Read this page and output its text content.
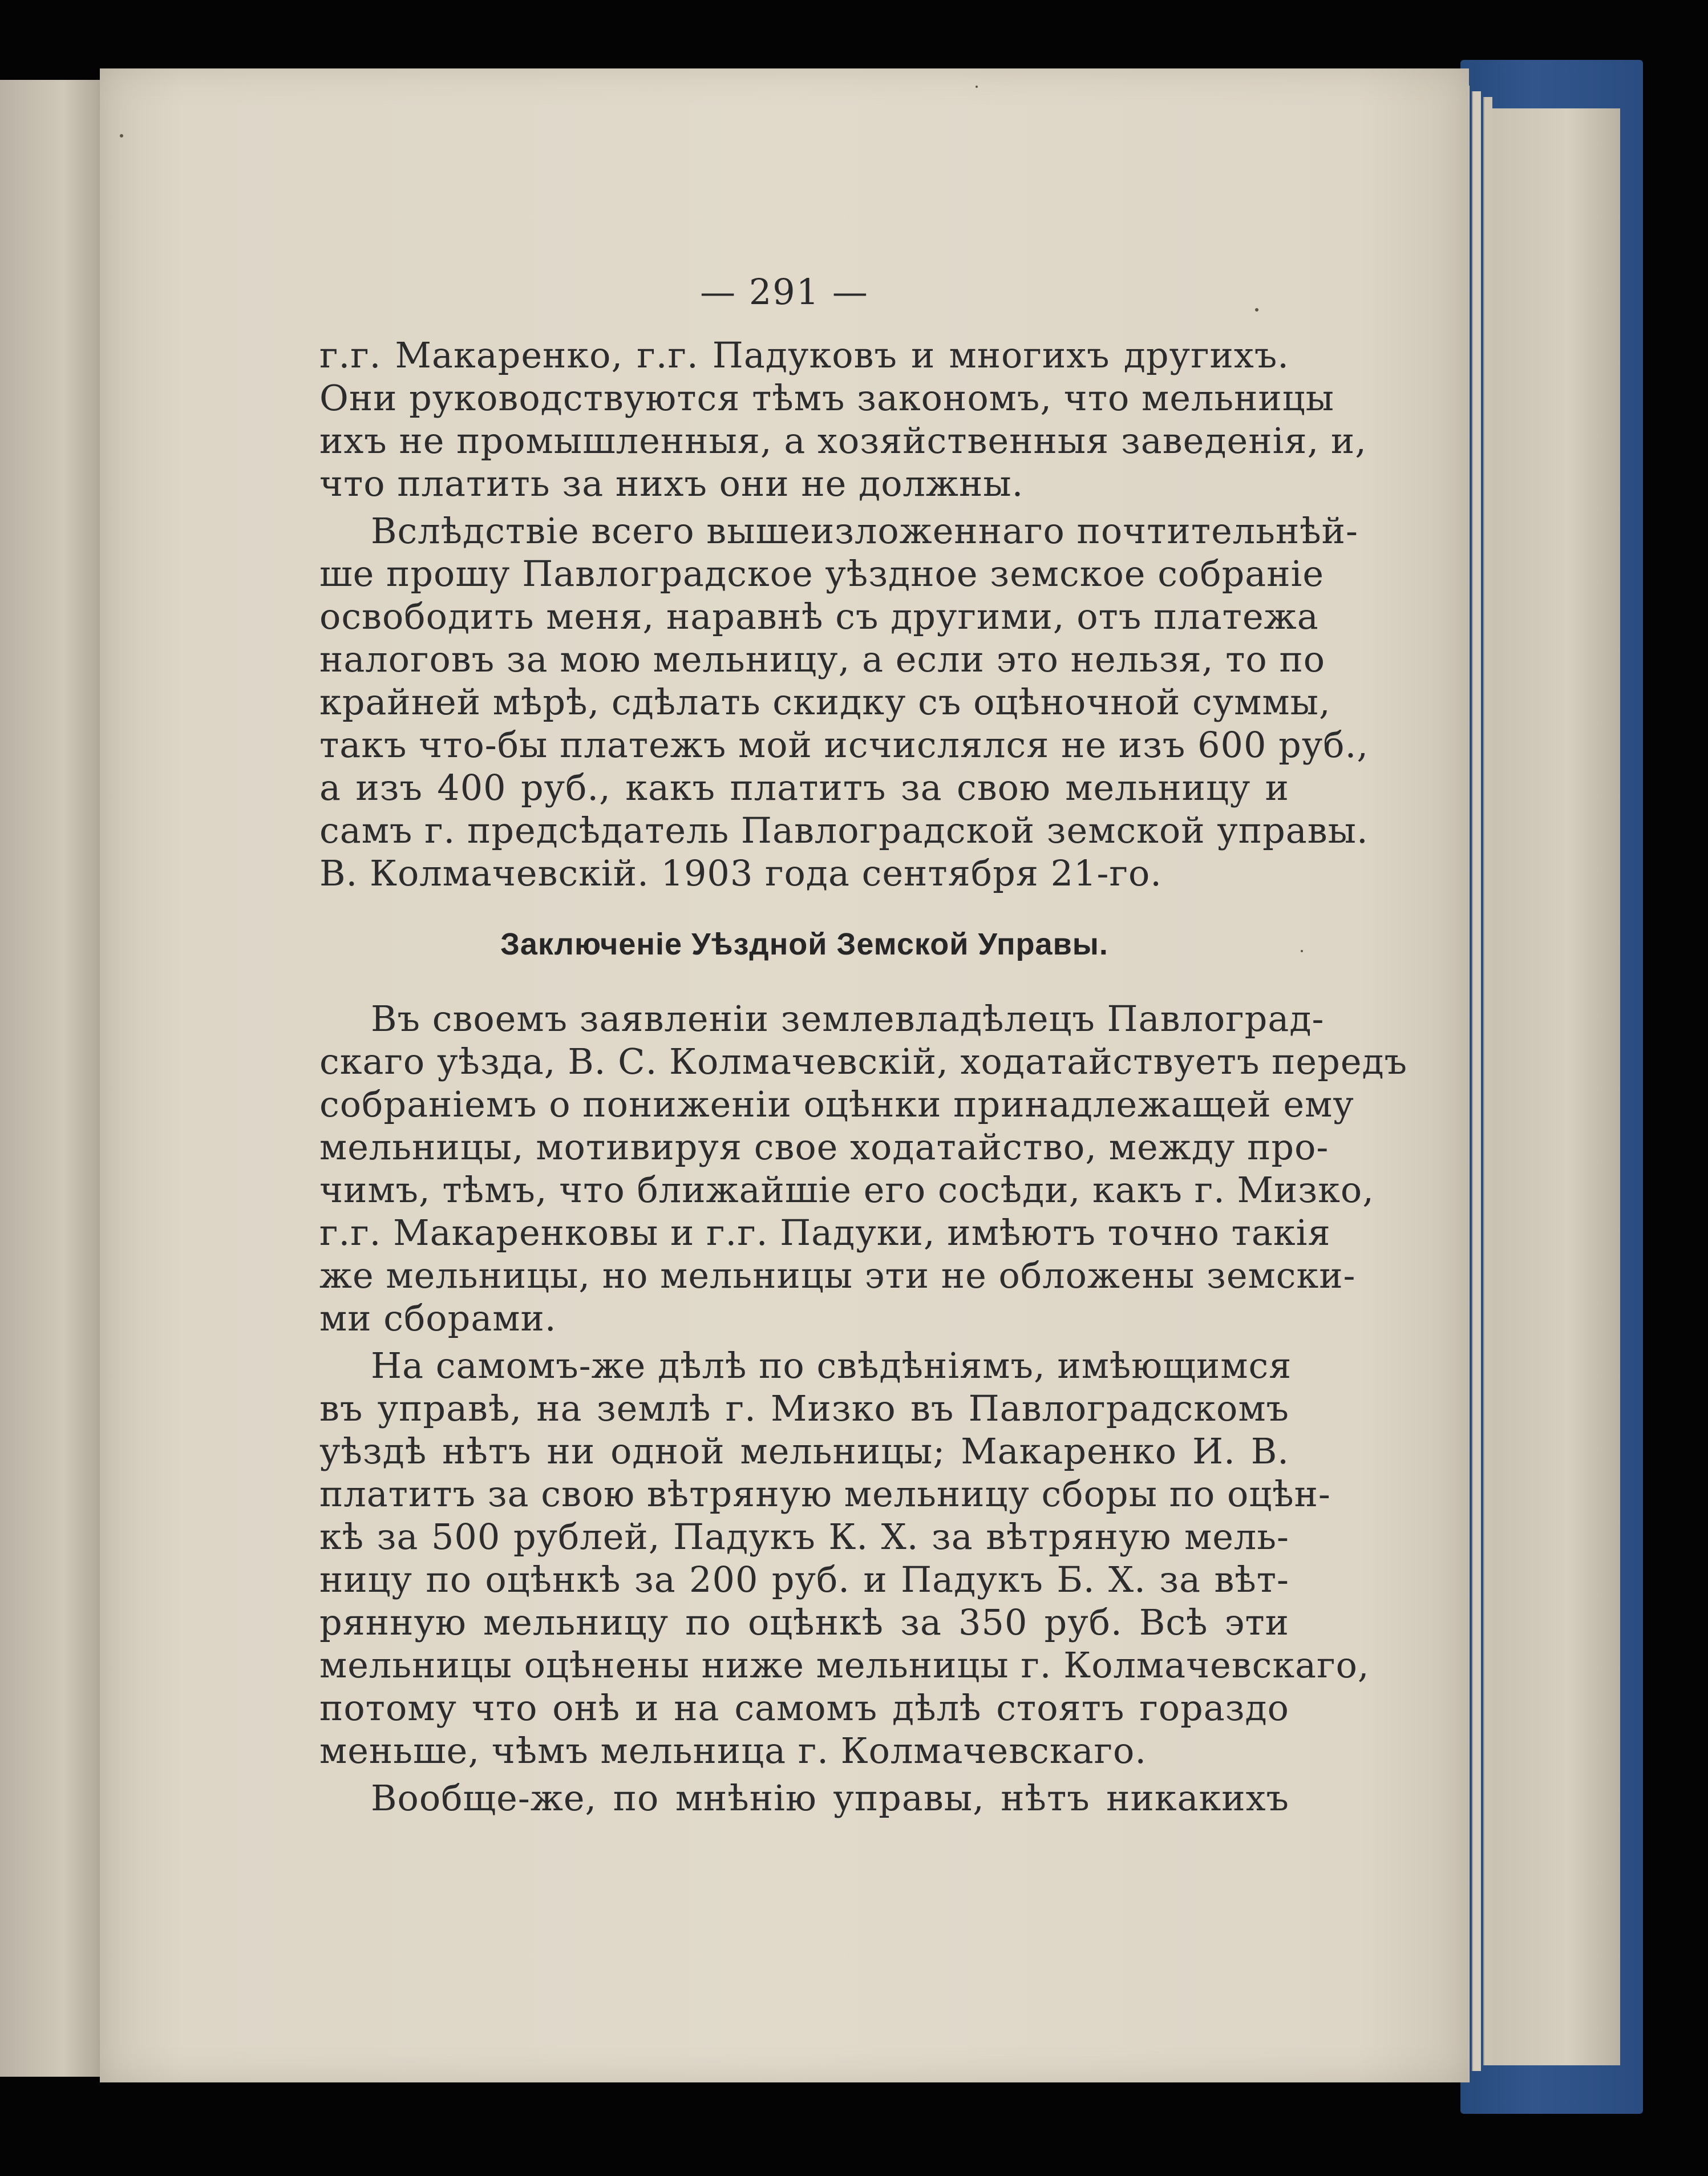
— 291 —
г.г. Макаренко, г.г. Падуковъ и многихъ другихъ.
Они руководствуются тѣмъ закономъ, что мельницы
ихъ не промышленныя, а хозяйственныя заведенія, и,
что платить за нихъ они не должны.
Вслѣдствіе всего вышеизложеннаго почтительнѣй-
ше прошу Павлоградское уѣздное земское собраніе
освободить меня, наравнѣ съ другими, отъ платежа
налоговъ за мою мельницу, а если это нельзя, то по
крайней мѣрѣ, сдѣлать скидку съ оцѣночной суммы,
такъ что-бы платежъ мой исчислялся не изъ 600 руб.,
а изъ 400 руб., какъ платитъ за свою мельницу и
самъ г. предсѣдатель Павлоградской земской управы.
В. Колмачевскій. 1903 года сентября 21-го.
Заключеніе Уѣздной Земской Управы.
Въ своемъ заявленіи землевладѣлецъ Павлоград-
скаго уѣзда, В. С. Колмачевскій, ходатайствуетъ передъ
собраніемъ о пониженіи оцѣнки принадлежащей ему
мельницы, мотивируя свое ходатайство, между про-
чимъ, тѣмъ, что ближайшіе его сосѣди, какъ г. Мизко,
г.г. Макаренковы и г.г. Падуки, имѣютъ точно такія
же мельницы, но мельницы эти не обложены земски-
ми сборами.
На самомъ-же дѣлѣ по свѣдѣніямъ, имѣющимся
въ управѣ, на землѣ г. Мизко въ Павлоградскомъ
уѣздѣ нѣтъ ни одной мельницы; Макаренко И. В.
платитъ за свою вѣтряную мельницу сборы по оцѣн-
кѣ за 500 рублей, Падукъ К. Х. за вѣтряную мель-
ницу по оцѣнкѣ за 200 руб. и Падукъ Б. Х. за вѣт-
рянную мельницу по оцѣнкѣ за 350 руб. Всѣ эти
мельницы оцѣнены ниже мельницы г. Колмачевскаго,
потому что онѣ и на самомъ дѣлѣ стоятъ гораздо
меньше, чѣмъ мельница г. Колмачевскаго.
Вообще-же, по мнѣнію управы, нѣтъ никакихъ
